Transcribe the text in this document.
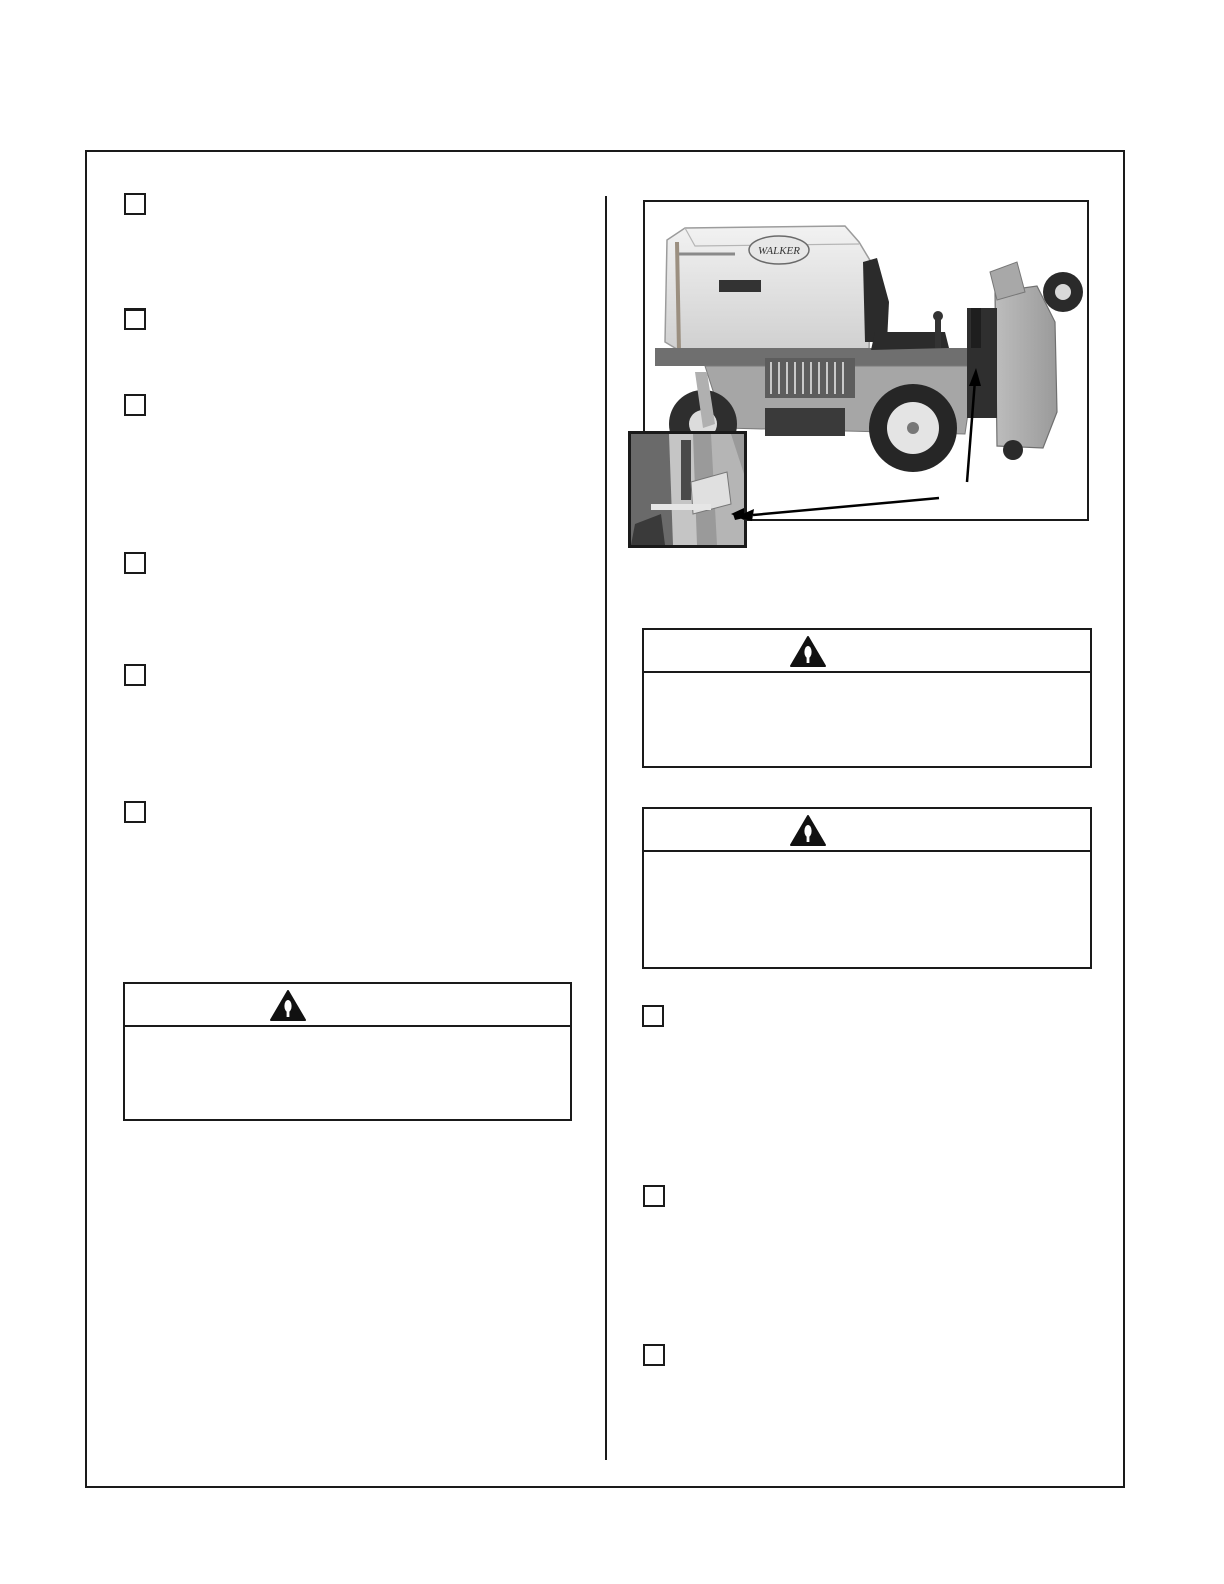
WALKER
